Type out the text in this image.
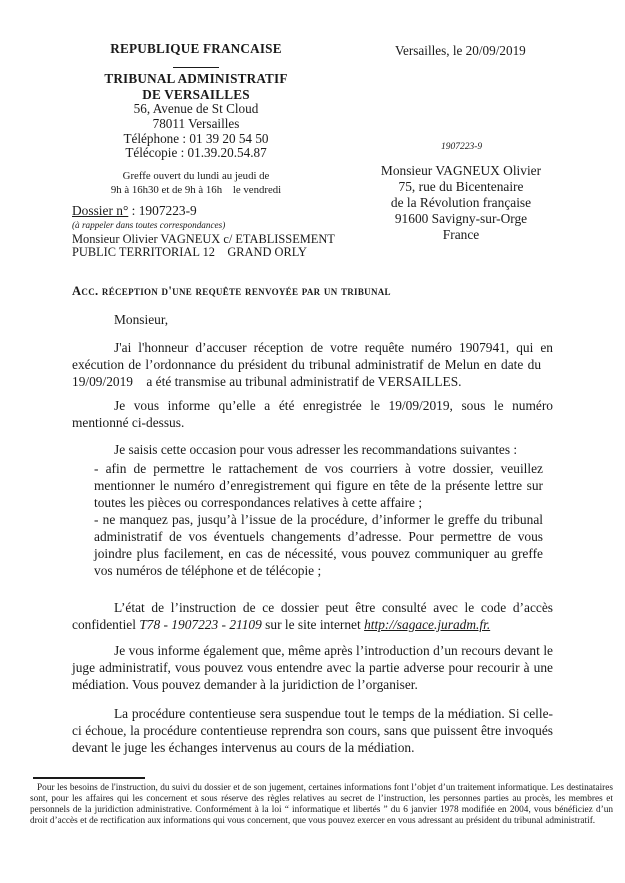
REPUBLIQUE FRANCAISE
TRIBUNAL ADMINISTRATIF
DE VERSAILLES
56, Avenue de St Cloud
78011 Versailles
Téléphone : 01 39 20 54 50
Télécopie : 01.39.20.54.87
Greffe ouvert du lundi au jeudi de
9h à 16h30 et de 9h à 16h    le vendredi
Versailles, le 20/09/2019
1907223-9
Monsieur VAGNEUX Olivier
75, rue du Bicentenaire
de la Révolution française
91600 Savigny-sur-Orge
France
Dossier n° : 1907223-9
(à rappeler dans toutes correspondances)
Monsieur Olivier VAGNEUX c/ ETABLISSEMENT
PUBLIC TERRITORIAL 12    GRAND ORLY
Acc. réception d'une requête renvoyée par un tribunal

Monsieur,

J'ai l'honneur d’accuser réception de votre requête numéro 1907941, qui en exécution de l’ordonnance du président du tribunal administratif de Melun en date du    19/09/2019    a été transmise au tribunal administratif de VERSAILLES.

Je vous informe qu’elle a été enregistrée le 19/09/2019, sous le numéro mentionné ci-dessus.

Je saisis cette occasion pour vous adresser les recommandations suivantes :

- afin de permettre le rattachement de vos courriers à votre dossier, veuillez mentionner le numéro d’enregistrement qui figure en tête de la présente lettre sur toutes les pièces ou correspondances relatives à cette affaire ;

- ne manquez pas, jusqu’à l’issue de la procédure, d’informer le greffe du tribunal administratif de vos éventuels changements d’adresse. Pour permettre de vous joindre plus facilement, en cas de nécessité, vous pouvez communiquer au greffe vos numéros de téléphone et de télécopie ;

L’état de l’instruction de ce dossier peut être consulté avec le code d’accès confidentiel T78 - 1907223 - 21109 sur le site internet http://sagace.juradm.fr.

Je vous informe également que, même après l’introduction d’un recours devant le juge administratif, vous pouvez vous entendre avec la partie adverse pour recourir à une médiation. Vous pouvez demander à la juridiction de l’organiser.

La procédure contentieuse sera suspendue tout le temps de la médiation. Si celle-ci échoue, la procédure contentieuse reprendra son cours, sans que puissent être invoqués devant le juge les échanges intervenus au cours de la médiation.

Pour les besoins de l'instruction, du suivi du dossier et de son jugement, certaines informations font l’objet d’un traitement informatique. Les destinataires sont, pour les affaires qui les concernent et sous réserve des règles relatives au secret de l’instruction, les personnes parties au procès, les membres et personnels de la juridiction administrative. Conformément à la loi “ informatique et libertés ” du 6 janvier 1978 modifiée en 2004, vous bénéficiez d’un droit d’accès et de rectification aux informations qui vous concernent, que vous pouvez exercer en vous adressant au président du tribunal administratif.
